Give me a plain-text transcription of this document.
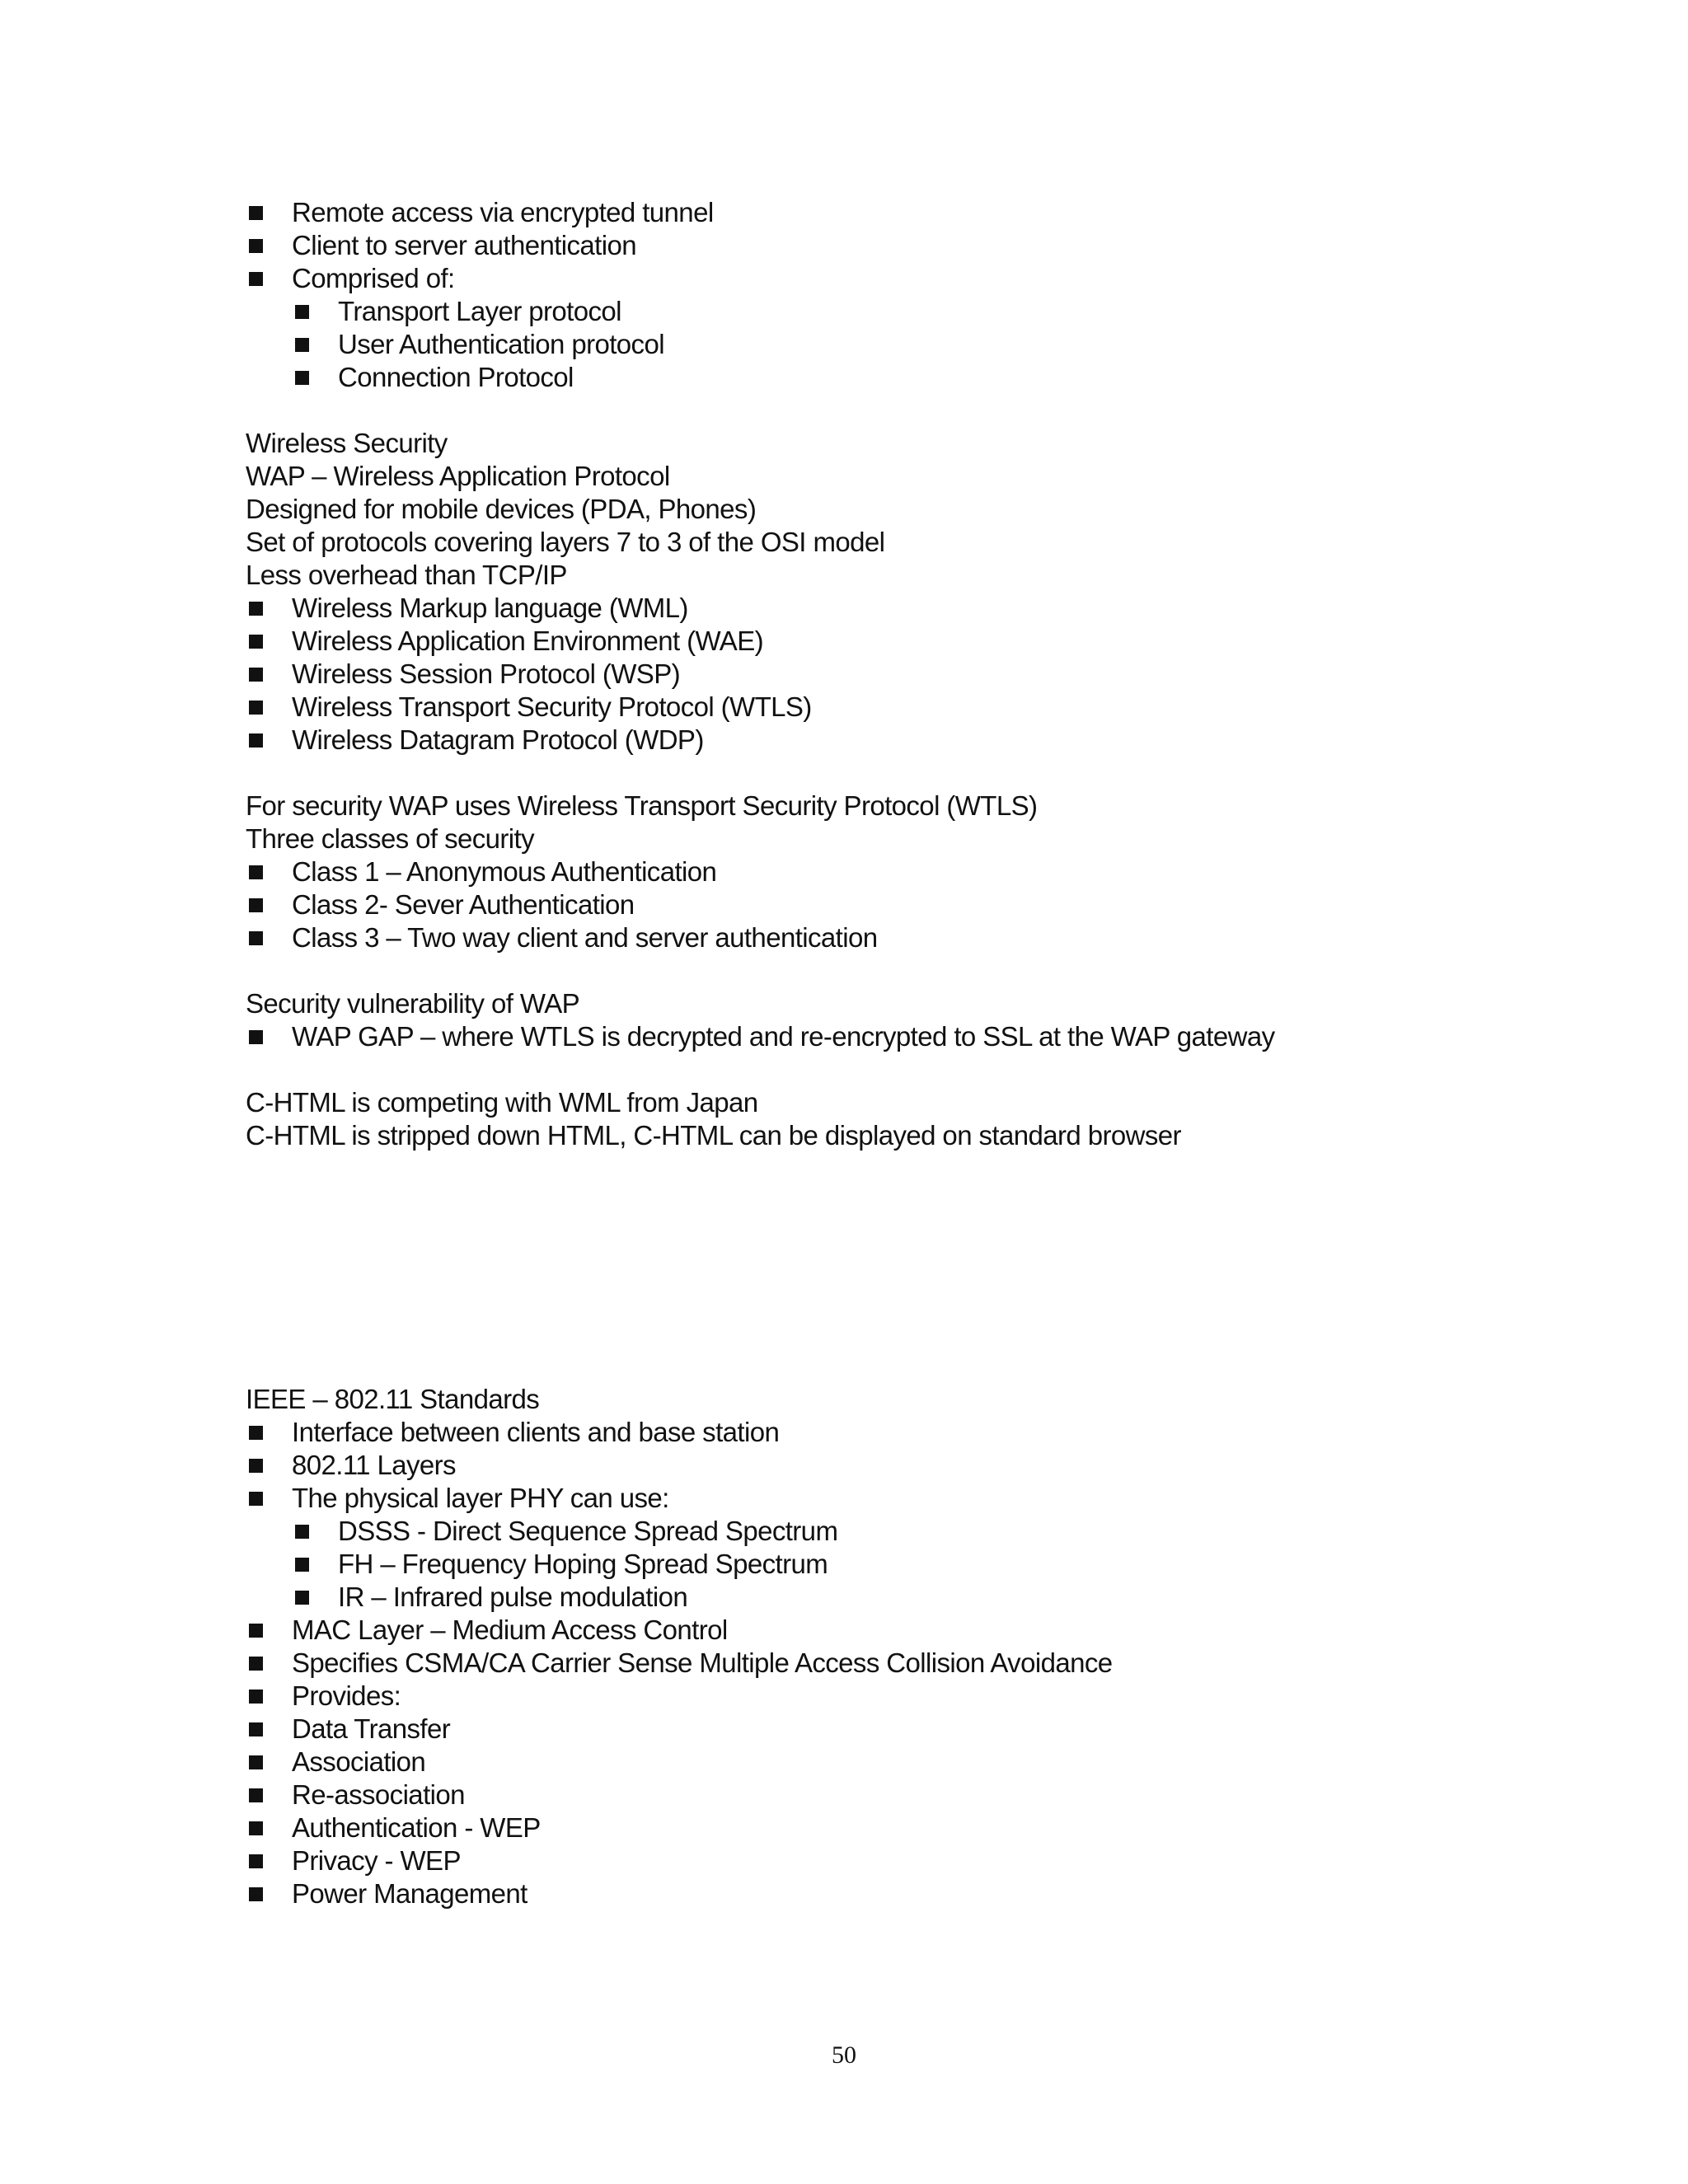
Remote access via encrypted tunnel
Client to server authentication
Comprised of:
Transport Layer protocol
User Authentication protocol
Connection Protocol
Wireless Security
WAP – Wireless Application Protocol
Designed for mobile devices (PDA, Phones)
Set of protocols covering layers 7 to 3 of the OSI model
Less overhead than TCP/IP
Wireless Markup language (WML)
Wireless Application Environment (WAE)
Wireless Session Protocol (WSP)
Wireless Transport Security Protocol (WTLS)
Wireless Datagram Protocol (WDP)
For security WAP uses Wireless Transport Security Protocol (WTLS)
Three classes of security
Class 1 – Anonymous Authentication
Class 2- Sever Authentication
Class 3 – Two way client and server authentication
Security vulnerability of WAP
WAP GAP – where WTLS is decrypted and re-encrypted to SSL at the WAP gateway
C-HTML is competing with WML from Japan
C-HTML is stripped down HTML, C-HTML can be displayed on standard browser
IEEE – 802.11 Standards
Interface between clients and base station
802.11 Layers
The physical layer PHY can use:
DSSS - Direct Sequence Spread Spectrum
FH – Frequency Hoping Spread Spectrum
IR – Infrared pulse modulation
MAC Layer – Medium Access Control
Specifies CSMA/CA Carrier Sense Multiple Access Collision Avoidance
Provides:
Data Transfer
Association
Re-association
Authentication - WEP
Privacy - WEP
Power Management
50
